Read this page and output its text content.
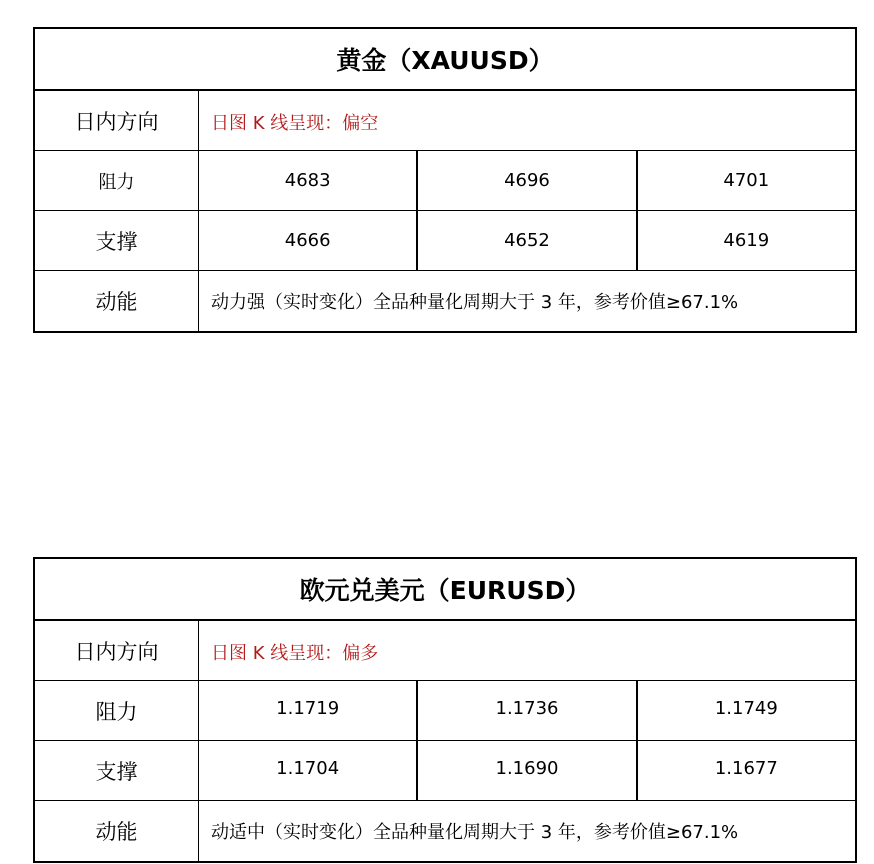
黄金（XAUUSD）
日内方向	日图 K 线呈现：偏空
阻力	4683	4696	4701
支撑	4666	4652	4619
动能	动力强（实时变化）全品种量化周期大于 3 年，参考价值≥67.1%
欧元兑美元（EURUSD）
日内方向	日图 K 线呈现：偏多
阻力	1.1719	1.1736	1.1749
支撑	1.1704	1.1690	1.1677
动能	动适中（实时变化）全品种量化周期大于 3 年，参考价值≥67.1%
